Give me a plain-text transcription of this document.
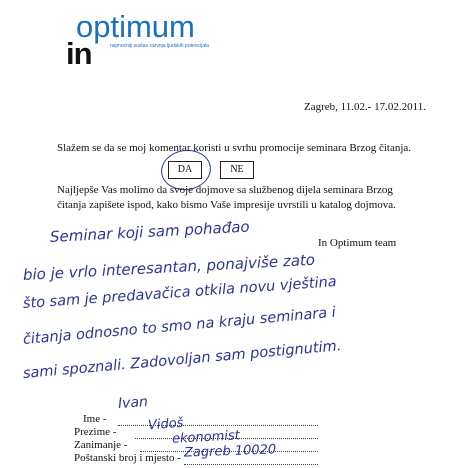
optimum
in	najmoćniji sustav razvoja ljudskih potencijala
Zagreb, 11.02.- 17.02.2011.
Slažem se da se moj komentar koristi u svrhu promocije seminara Brzog čitanja.
DA	NE
Najljepše Vas molimo da svoje dojmove sa službenog dijela seminara Brzog
čitanja zapišete ispod, kako bismo Vaše impresije uvrstili u katalog dojmova.
In Optimum team
Seminar koji sam pohađao
bio je vrlo interesantan, ponajviše zato
što sam je predavačica otkila novu vještina
čitanja odnosno to smo na kraju seminara i
sami spoznali. Zadovoljan sam postignutim.
Ime -
Ivan
Prezime - Vidoš
Zanimanje -	ekonomist
Poštanski broj i mjesto - Zagreb 10020
